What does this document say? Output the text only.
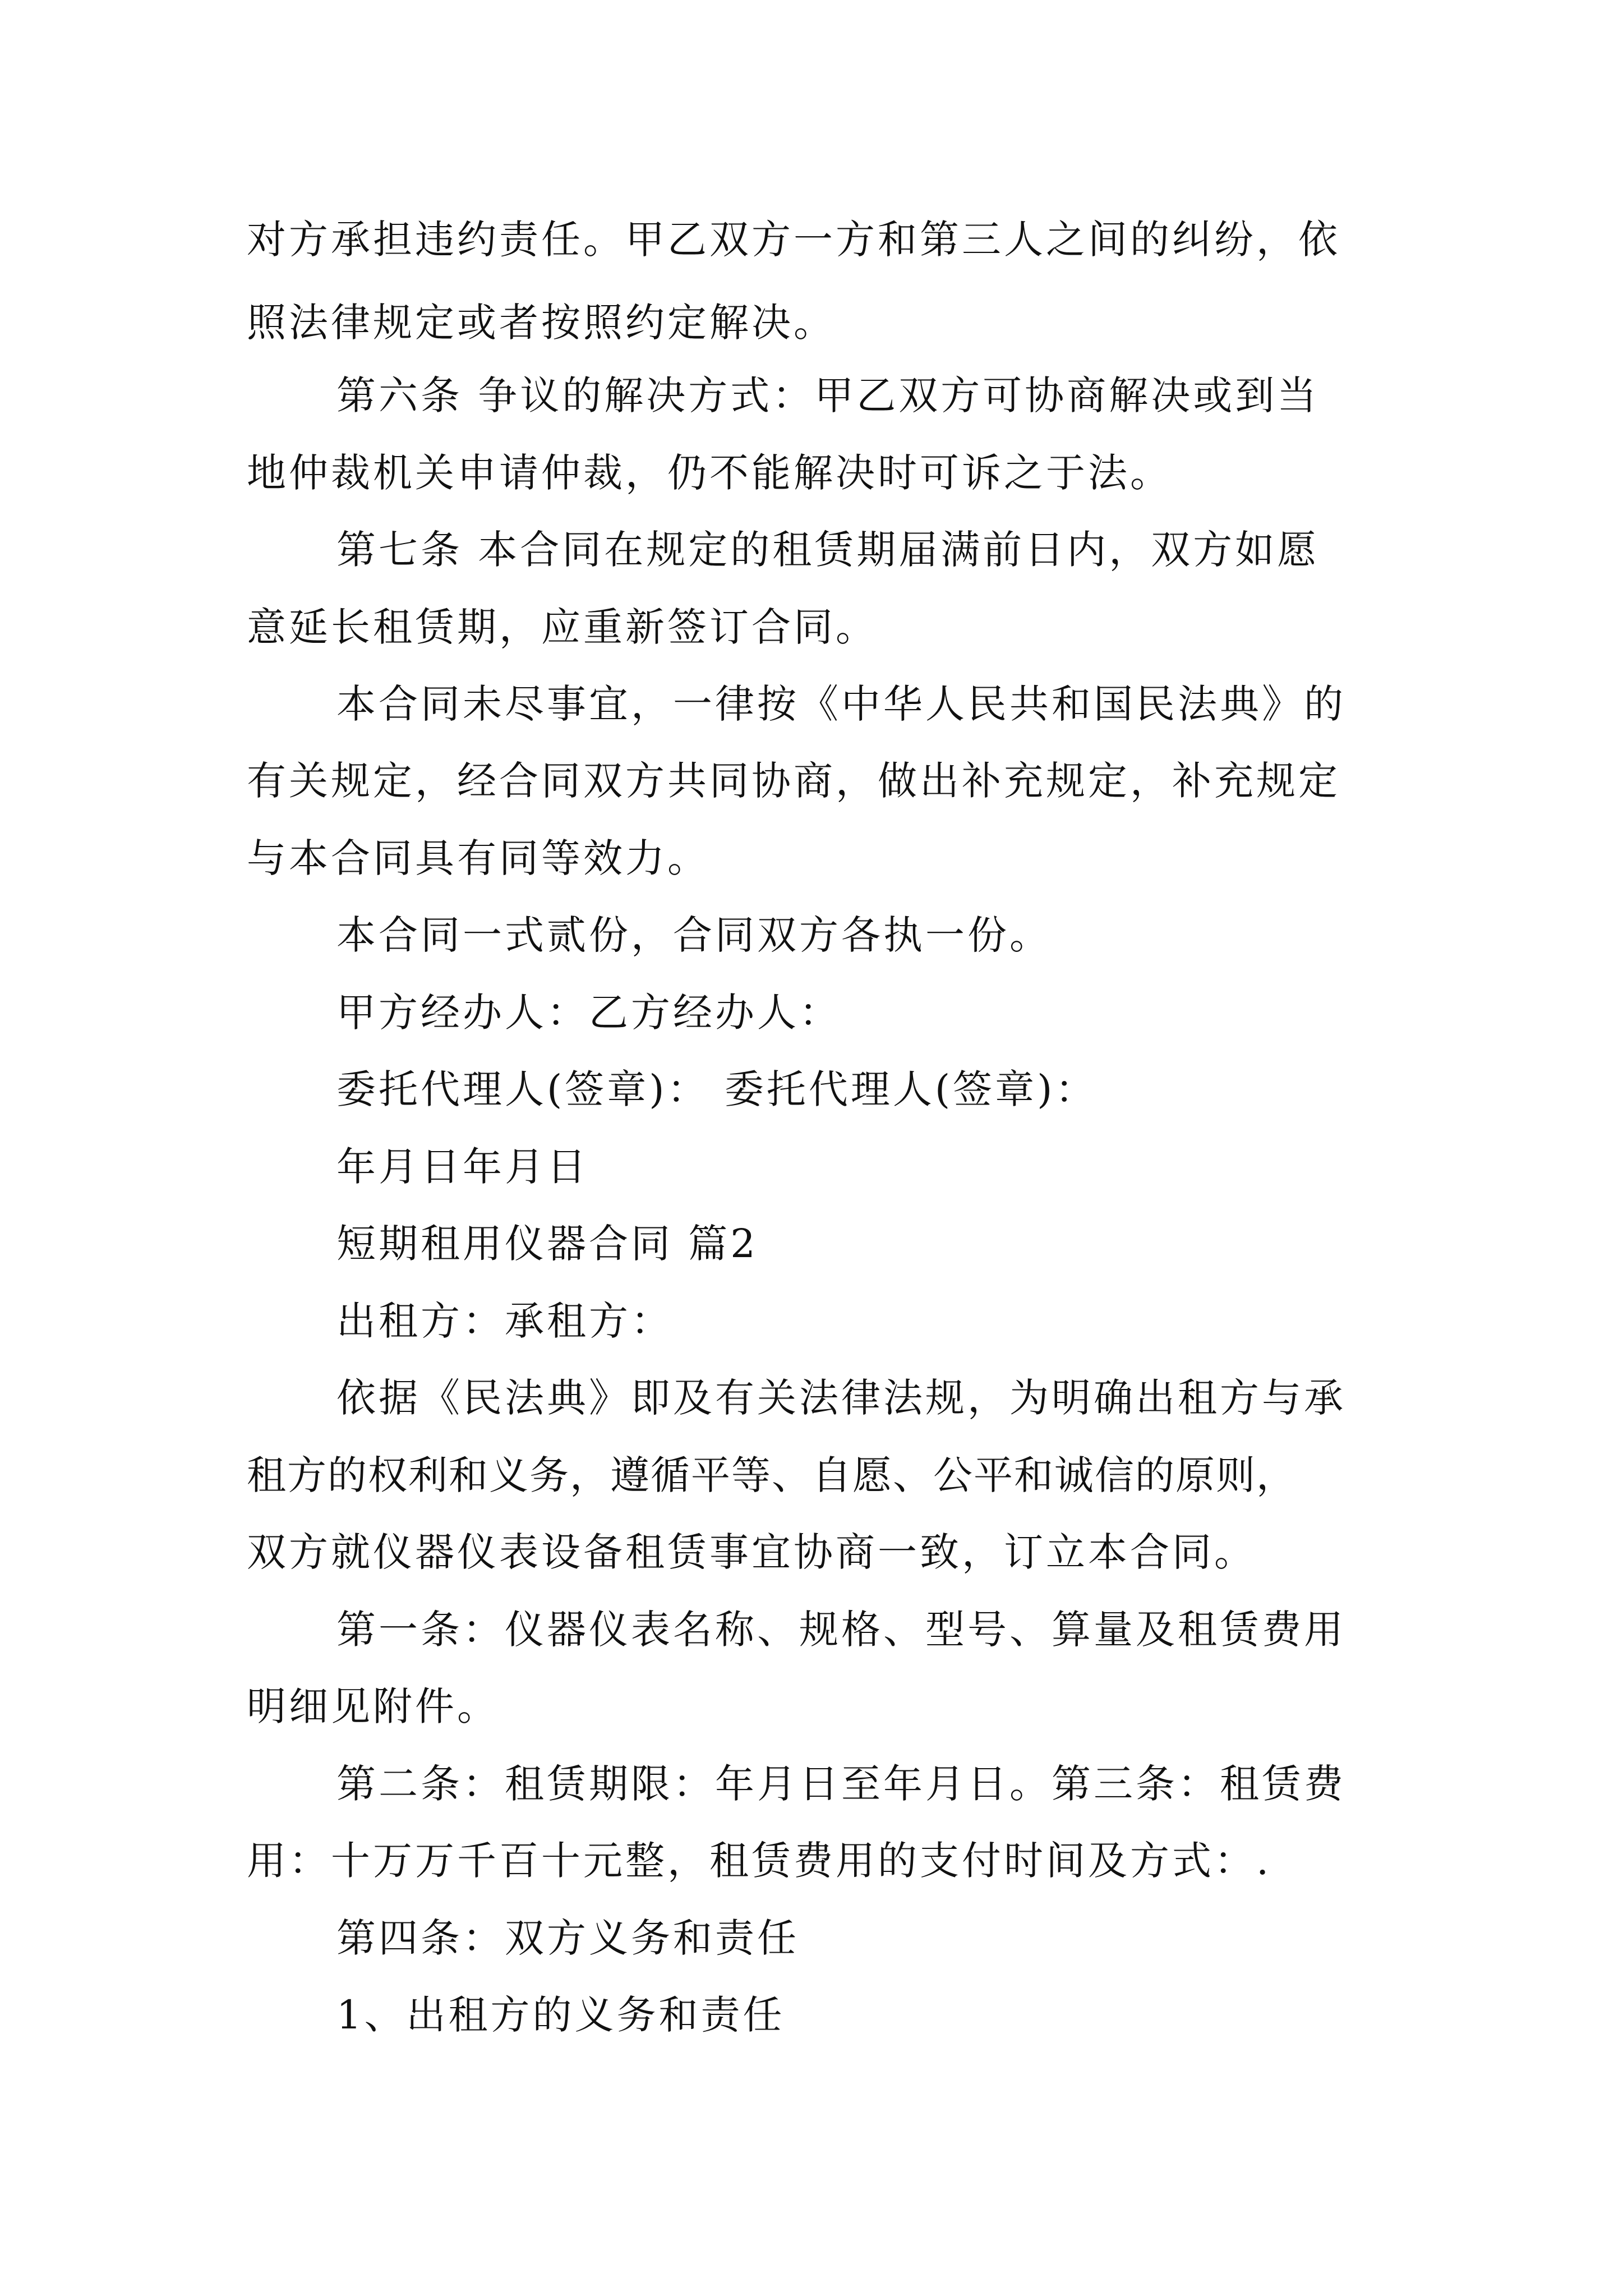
对方承担违约责任。甲乙双方一方和第三人之间的纠纷，依

照法律规定或者按照约定解决。

第六条 争议的解决方式：甲乙双方可协商解决或到当

地仲裁机关申请仲裁，仍不能解决时可诉之于法。

第七条 本合同在规定的租赁期届满前日内，双方如愿

意延长租赁期，应重新签订合同。

本合同未尽事宜，一律按《中华人民共和国民法典》的

有关规定，经合同双方共同协商，做出补充规定，补充规定

与本合同具有同等效力。

本合同一式贰份，合同双方各执一份。

甲方经办人：乙方经办人：

委托代理人(签章)： 委托代理人(签章)：

年月日年月日

短期租用仪器合同 篇2

出租方：承租方：

依据《民法典》即及有关法律法规，为明确出租方与承

租方的权利和义务，遵循平等、自愿、公平和诚信的原则，

双方就仪器仪表设备租赁事宜协商一致，订立本合同。

第一条：仪器仪表名称、规格、型号、算量及租赁费用

明细见附件。

第二条：租赁期限：年月日至年月日。第三条：租赁费

用：十万万千百十元整，租赁费用的支付时间及方式：.

第四条：双方义务和责任

1、出租方的义务和责任
